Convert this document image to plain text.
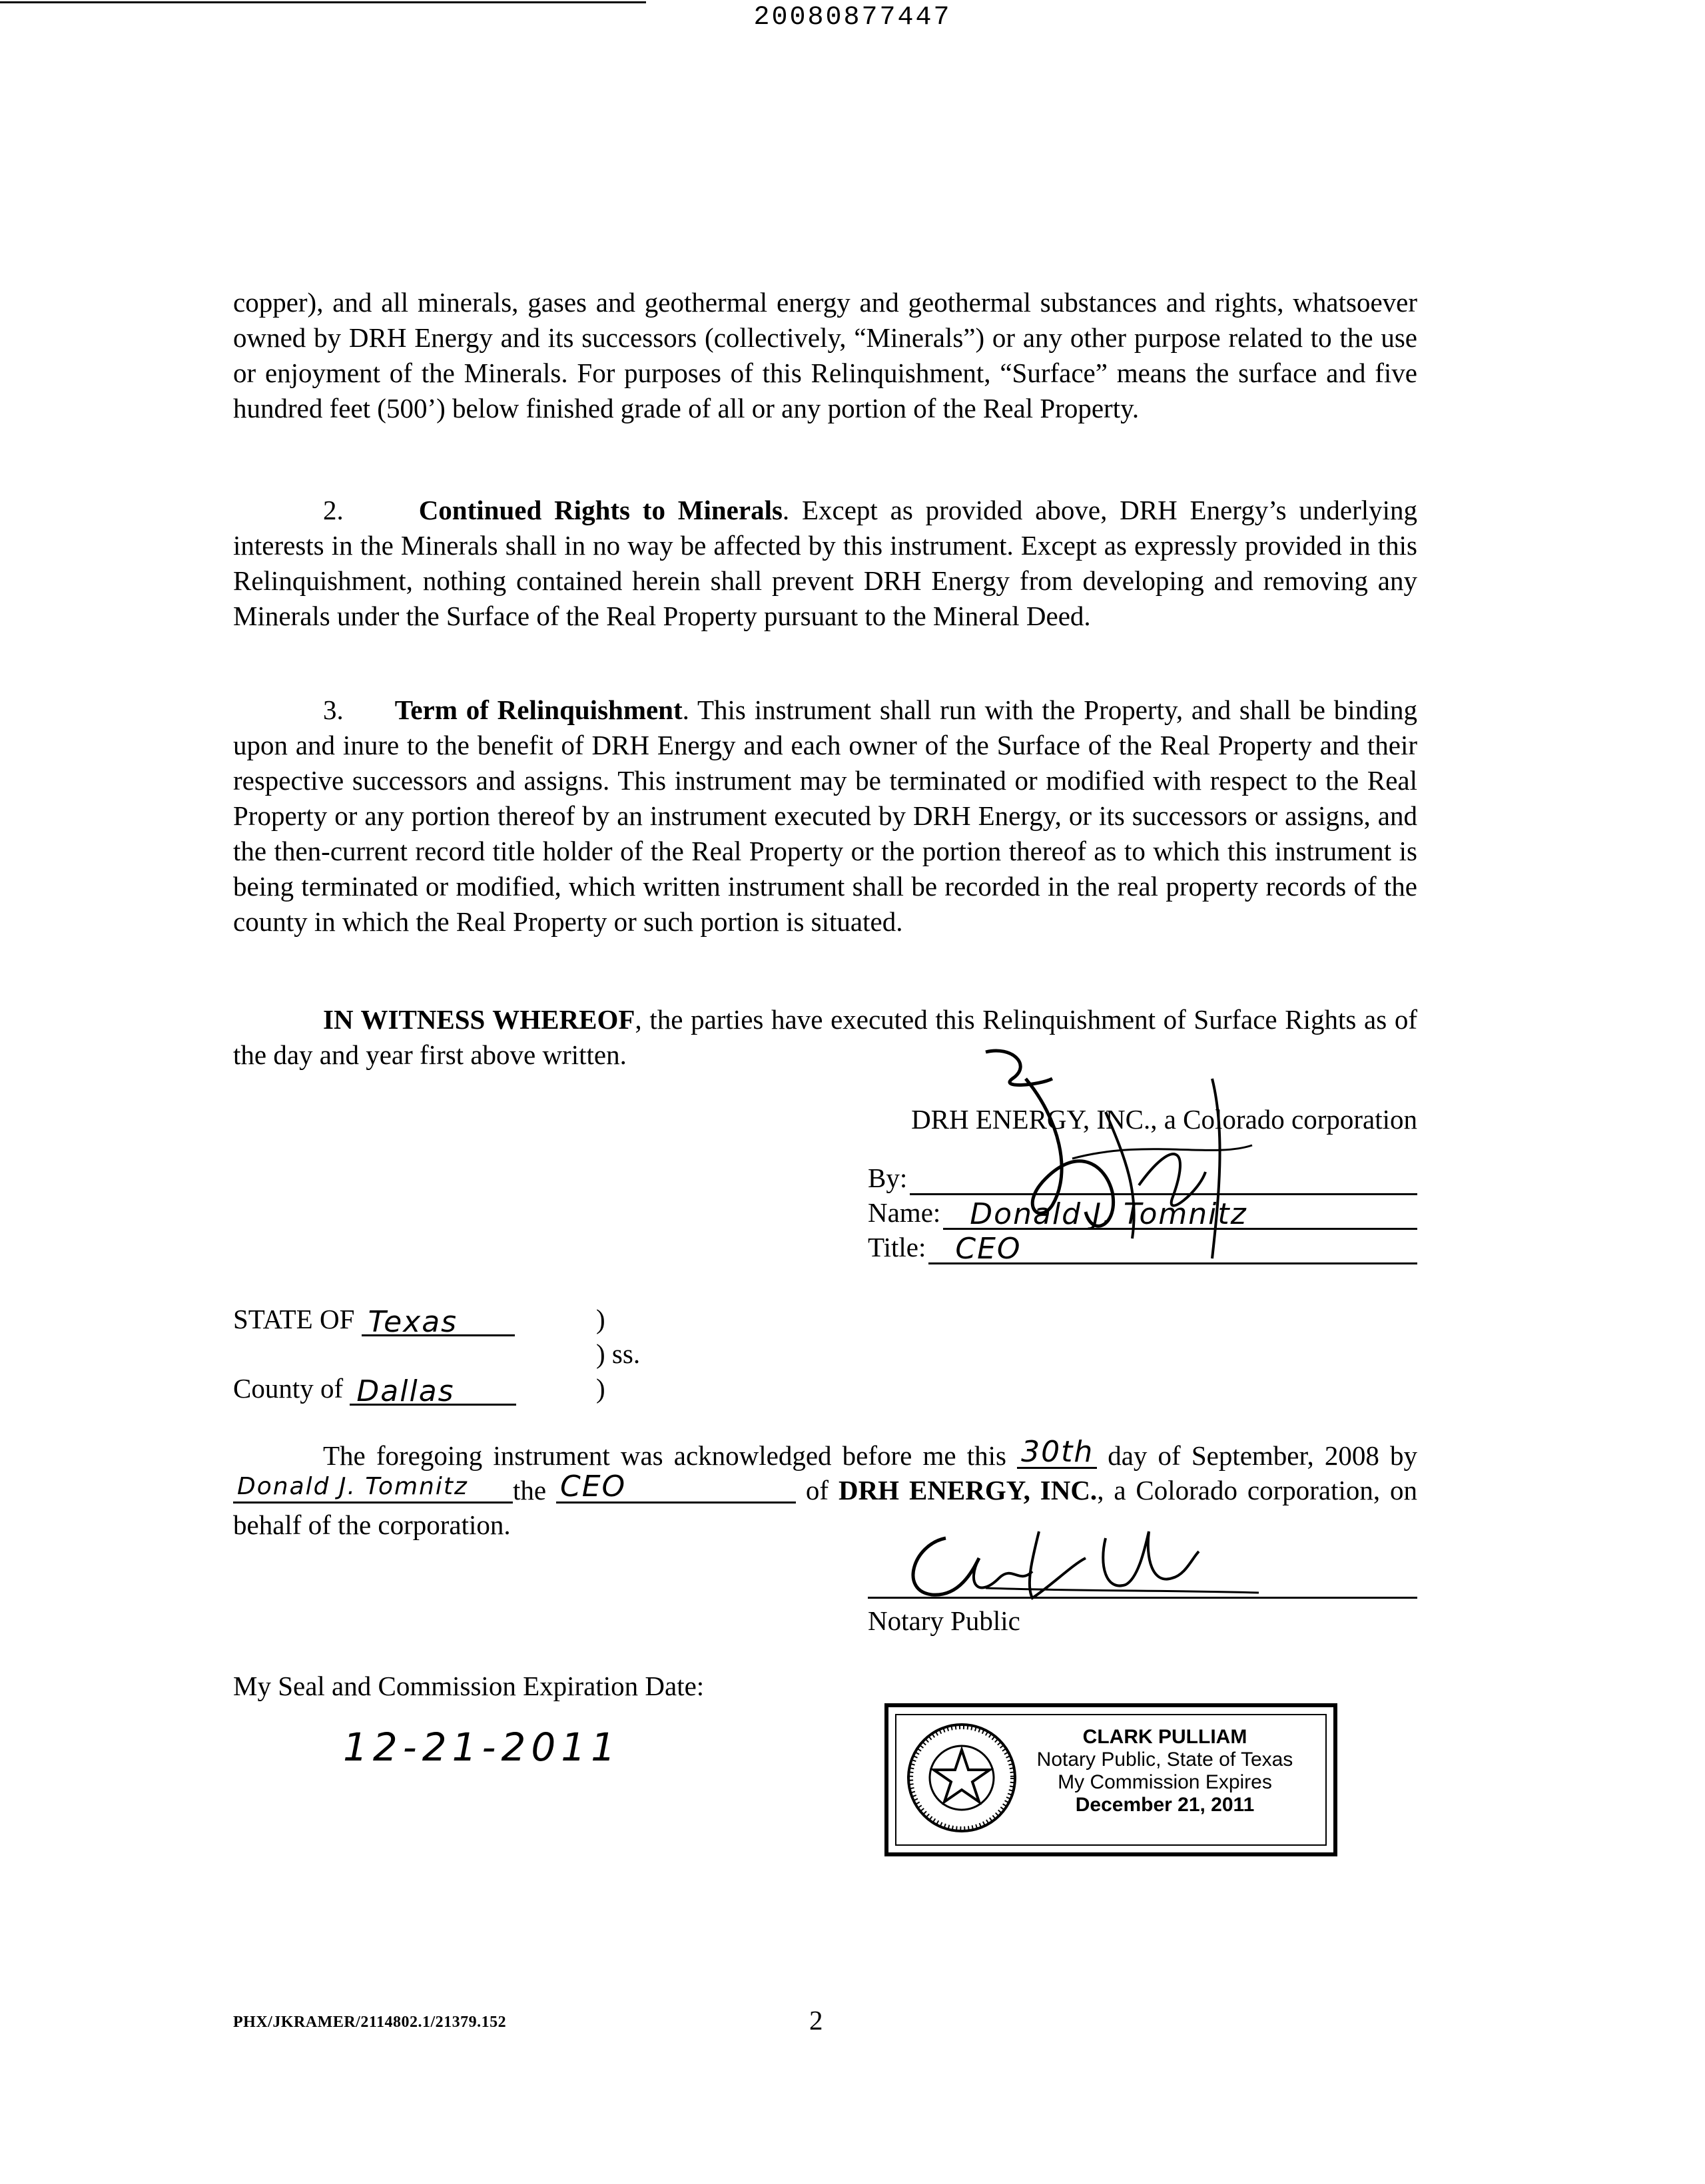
20080877447

copper), and all minerals, gases and geothermal energy and geothermal substances and rights, whatsoever owned by DRH Energy and its successors (collectively, “Minerals”) or any other purpose related to the use or enjoyment of the Minerals. For purposes of this Relinquishment, “Surface” means the surface and five hundred feet (500’) below finished grade of all or any portion of the Real Property.

2.	Continued Rights to Minerals. Except as provided above, DRH Energy’s underlying interests in the Minerals shall in no way be affected by this instrument. Except as expressly provided in this Relinquishment, nothing contained herein shall prevent DRH Energy from developing and removing any Minerals under the Surface of the Real Property pursuant to the Mineral Deed.

3. Term of Relinquishment. This instrument shall run with the Property, and shall be binding upon and inure to the benefit of DRH Energy and each owner of the Surface of the Real Property and their respective successors and assigns. This instrument may be terminated or modified with respect to the Real Property or any portion thereof by an instrument executed by DRH Energy, or its successors or assigns, and the then-current record title holder of the Real Property or the portion thereof as to which this instrument is being terminated or modified, which written instrument shall be recorded in the real property records of the county in which the Real Property or such portion is situated.

IN WITNESS WHEREOF, the parties have executed this Relinquishment of Surface Rights as of the day and year first above written.

DRH ENERGY, INC., a Colorado corporation
By:
Name: Donald J. Tomnitz
Title: CEO
STATE OF Texas	)
) ss.
County of Dallas	)

The foregoing instrument was acknowledged before me this 30th day of September, 2008 by
Donald J. Tomnitz the CEO	of DRH ENERGY, INC., a Colorado corporation, on behalf of the corporation.

Notary Public
My Seal and Commission Expiration Date:
12-21-2011	CLARK PULLIAM
Notary Public, State of Texas
My Commission Expires
December 21, 2011
PHX/JKRAMER/2114802.1/21379.152	2
